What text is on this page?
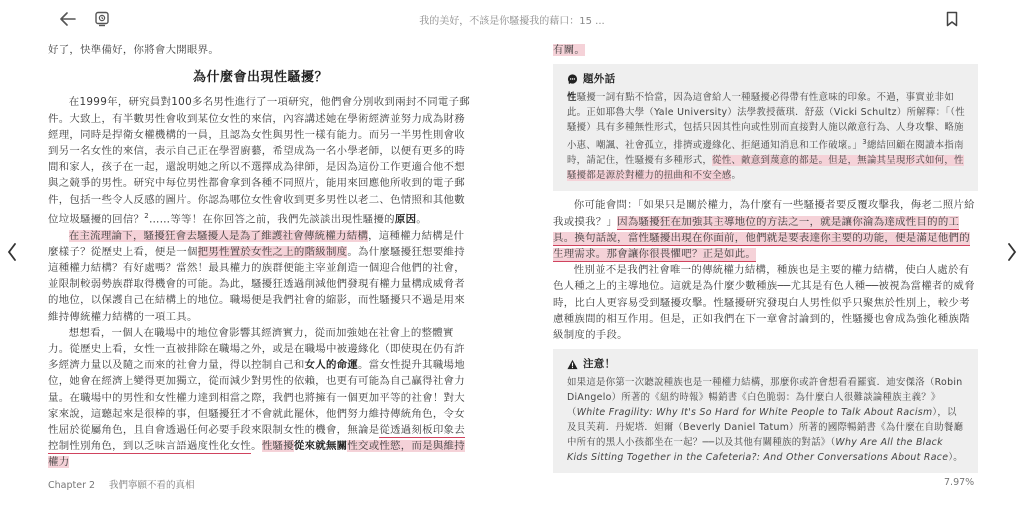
我的美好，不該是你騷擾我的藉口：15 ...
好了，快準備好，你將會大開眼界。
為什麼會出現性騷擾？
在1999年，研究員對100多名男性進行了一項研究，他們會分別收到兩封不同電子郵件。大致上，有半數男性會收到某位女性的來信，內容講述她在學術經濟並努力成為財務經理，同時是捍衛女權機構的一員，且認為女性與男性一樣有能力。而另一半男性則會收到另一名女性的來信，表示自己正在學習廚藝，希望成為一名小學老師，以便有更多的時間和家人，孩子在一起，還說明她之所以不選擇成為律師，是因為這份工作更適合他不想與之競爭的男性。研究中每位男性都會拿到各種不同照片，能用來回應他所收到的電子郵件，包括一些令人反感的圖片。你認為哪位女性會收到更多男性以老二、色情照和其他數位垃圾騷擾的回信？$^2$……等等！在你回答之前，我們先談談出現性騷擾的原因。
在主流理論下，騷擾狂會去騷擾人是為了維護社會傳統權力結構，這種權力結構是什麼樣子？從歷史上看，便是一個把男性置於女性之上的階級制度。為什麼騷擾狂想要維持這種權力結構？有好處嗎？當然！最具權力的族群便能主宰並創造一個迎合他們的社會，並限制較弱勢族群取得機會的可能。為此，騷擾狂透過削減他們發現有權力量構成威脅者的地位，以保護自己在結構上的地位。職場便是我們社會的縮影，而性騷擾只不過是用來維持傳統權力結構的一項工具。
想想看，一個人在職場中的地位會影響其經濟實力，從而加強她在社會上的整體實力。從歷史上看，女性一直被排除在職場之外，或是在職場中被邊緣化（即使現在仍有許多經濟力量以及隨之而來的社會力量，得以控制自己和女人的命運。當女性提升其職場地位，她會在經濟上變得更加獨立，從而減少對男性的依賴，也更有可能為自己贏得社會力量。在職場中的男性和女性權力達到相當之際，我們也將擁有一個更加平等的社會！對大家來說，這聽起來是很棒的事，但騷擾狂才不會就此罷休，他們努力維持傳統角色，令女性屈於從屬角色，且自會透過任何必要手段來限制女性的機會，無論是從透過刻板印象去控制性別角色，到以乏味言語過度性化女性。性騷擾從來就無關性交或性慾，而是與維持權力
有關。
題外話
性騷擾一詞有點不恰當，因為這會給人一種騷擾必得帶有性意味的印象。不過，事實並非如此。正如耶魯大學（Yale University）法學教授薇琪．舒茲（Vicki Schultz）所解釋：「（性騷擾）具有多種無性形式，包括只因其性向或性別而直接對人施以敵意行為、人身攻擊、略施小惠、嘲諷、社會孤立，排擠或邊緣化、拒絕通知消息和工作破壞。」$^3$總結回顧在閱讀本指南時，請記住，性騷擾有多種形式，從性、敵意到蔑意的都是。但是，無論其呈現形式如何，性騷擾都是源於對權力的扭曲和不安全感。
你可能會問：「如果只是關於權力，為什麼有一些騷擾者要反覆攻擊我，侮老二照片給我或摸我？」因為騷擾狂在加強其主導地位的方法之一，就是讓你淪為達成性目的的工具。換句話說，當性騷擾出現在你面前，他們就是要表達你主要的功能，便是滿足他們的生理需求。那會讓你很畏懼吧？正是如此。
性別並不是我們社會唯一的傳統權力結構，種族也是主要的權力結構，使白人處於有色人種之上的主導地位。這就是為什麼少數種族──尤其是有色人種──被視為當權者的威脅時，比白人更容易受到騷擾攻擊。性騷擾研究發現白人男性似乎只聚焦於性別上，較少考慮種族間的相互作用。但是，正如我們在下一章會討論到的，性騷擾也會成為強化種族階級制度的手段。
注意！
如果這是你第一次聽說種族也是一種權力結構，那麼你或許會想看看羅賓．迪安傑洛（Robin DiAngelo）所著的《紐約時報》暢銷書《白色脆弱：為什麼白人很難談論種族主義？》（White Fragility: Why It's So Hard for White People to Talk About Racism），以及貝芙莉．丹妮塔．妲爾（Beverly Daniel Tatum）所著的國際暢銷書《為什麼在自助餐廳中所有的黑人小孩都坐在一起？──以及其他有關種族的對話》（Why Are All the Black Kids Sitting Together in the Cafeteria?: And Other Conversations About Race）。
Chapter 2 我們寧願不看的真相	7.97%
